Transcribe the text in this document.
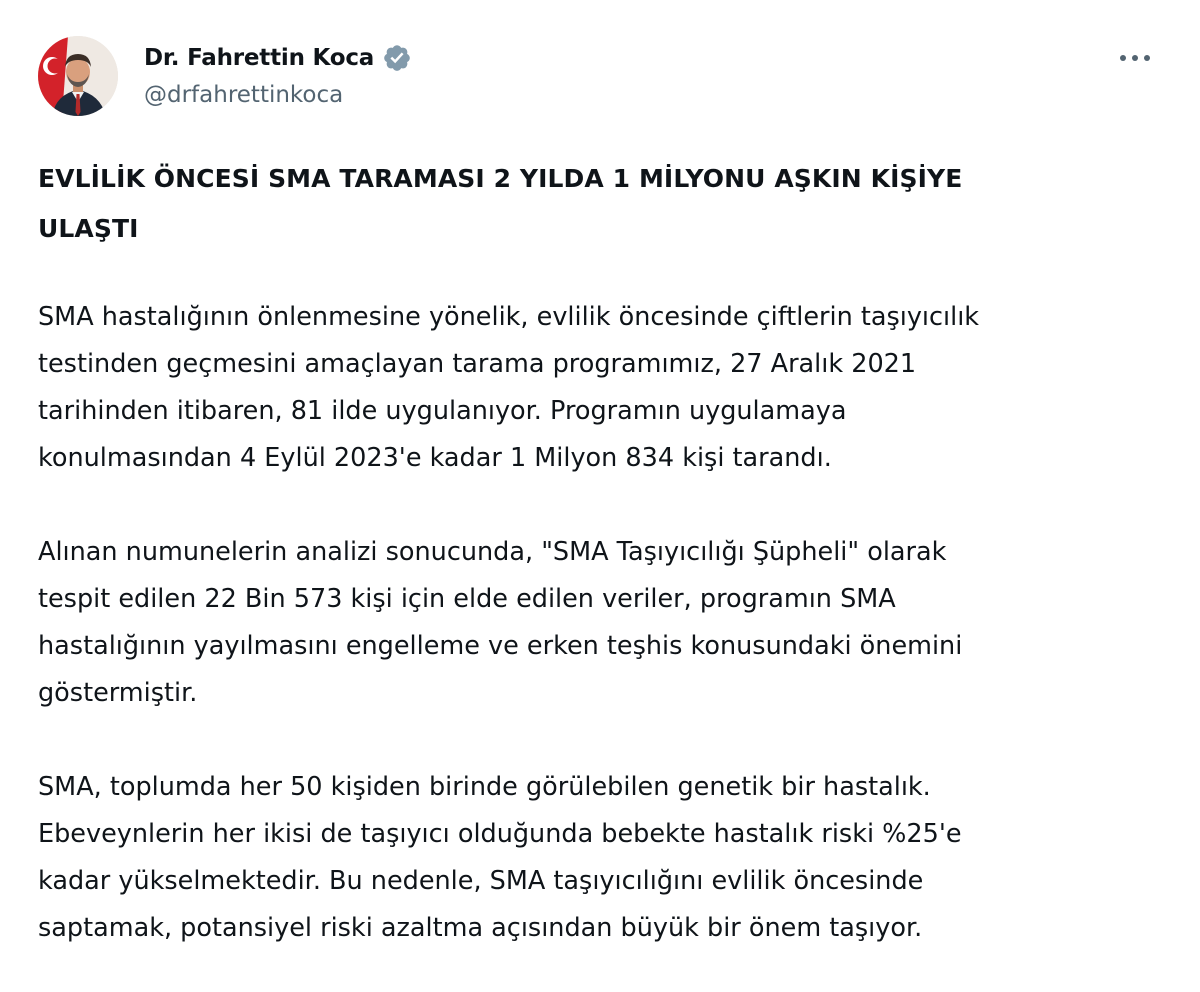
Dr. Fahrettin Koca
@drfahrettinkoca
EVLİLİK ÖNCESİ SMA TARAMASI 2 YILDA 1 MİLYONU AŞKIN KİŞİYE
ULAŞTI
SMA hastalığının önlenmesine yönelik, evlilik öncesinde çiftlerin taşıyıcılık
testinden geçmesini amaçlayan tarama programımız, 27 Aralık 2021
tarihinden itibaren, 81 ilde uygulanıyor. Programın uygulamaya
konulmasından 4 Eylül 2023'e kadar 1 Milyon 834 kişi tarandı.
Alınan numunelerin analizi sonucunda, "SMA Taşıyıcılığı Şüpheli" olarak
tespit edilen 22 Bin 573 kişi için elde edilen veriler, programın SMA
hastalığının yayılmasını engelleme ve erken teşhis konusundaki önemini
göstermiştir.
SMA, toplumda her 50 kişiden birinde görülebilen genetik bir hastalık.
Ebeveynlerin her ikisi de taşıyıcı olduğunda bebekte hastalık riski %25'e
kadar yükselmektedir. Bu nedenle, SMA taşıyıcılığını evlilik öncesinde
saptamak, potansiyel riski azaltma açısından büyük bir önem taşıyor.
